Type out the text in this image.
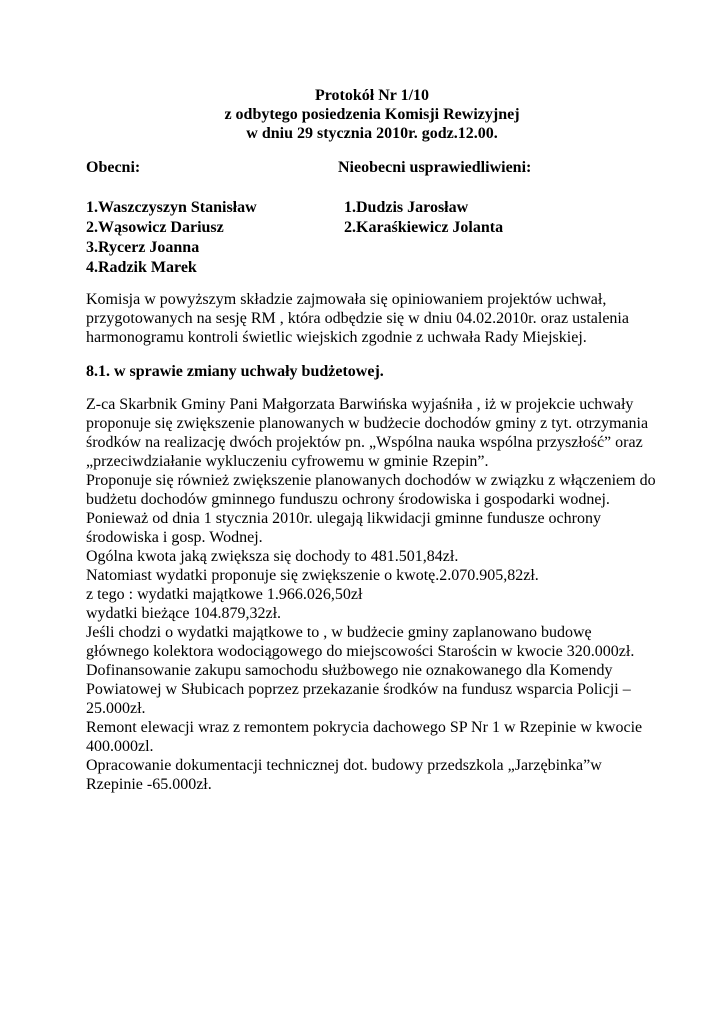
Protokół Nr 1/10
z odbytego posiedzenia Komisji Rewizyjnej
w dniu 29 stycznia 2010r. godz.12.00.
Obecni:
1.Waszczyszyn Stanisław
2.Wąsowicz Dariusz
3.Rycerz Joanna
4.Radzik Marek
Nieobecni usprawiedliwieni:
1.Dudzis Jarosław
2.Karaśkiewicz Jolanta

Komisja w powyższym składzie zajmowała się opiniowaniem projektów uchwał, przygotowanych na sesję RM , która odbędzie się w dniu 04.02.2010r. oraz ustalenia harmonogramu kontroli świetlic wiejskich zgodnie z uchwała Rady Miejskiej.

8.1. w sprawie zmiany uchwały budżetowej.

Z-ca Skarbnik Gminy Pani Małgorzata Barwińska wyjaśniła , iż w projekcie uchwały proponuje się zwiększenie planowanych w budżecie dochodów gminy z tyt. otrzymania środków na realizację dwóch projektów pn. „Wspólna nauka wspólna przyszłość” oraz „przeciwdziałanie wykluczeniu cyfrowemu w gminie Rzepin”.
Proponuje się również zwiększenie planowanych dochodów w związku z włączeniem do budżetu dochodów gminnego funduszu ochrony środowiska i gospodarki wodnej.
Ponieważ od dnia 1 stycznia 2010r. ulegają likwidacji gminne fundusze ochrony środowiska i gosp. Wodnej.
Ogólna kwota jaką zwiększa się dochody to 481.501,84zł.
Natomiast wydatki proponuje się zwiększenie o kwotę.2.070.905,82zł.
z tego : wydatki majątkowe 1.966.026,50zł
wydatki bieżące 104.879,32zł.
Jeśli chodzi o wydatki majątkowe to , w budżecie gminy zaplanowano budowę głównego kolektora wodociągowego do miejscowości Starościn w kwocie 320.000zł.
Dofinansowanie zakupu samochodu służbowego nie oznakowanego dla Komendy Powiatowej w Słubicach poprzez przekazanie środków na fundusz wsparcia Policji – 25.000zł.
Remont elewacji wraz z remontem pokrycia dachowego SP Nr 1 w Rzepinie w kwocie 400.000zl.
Opracowanie dokumentacji technicznej dot. budowy przedszkola „Jarzębinka”w Rzepinie -65.000zł.
